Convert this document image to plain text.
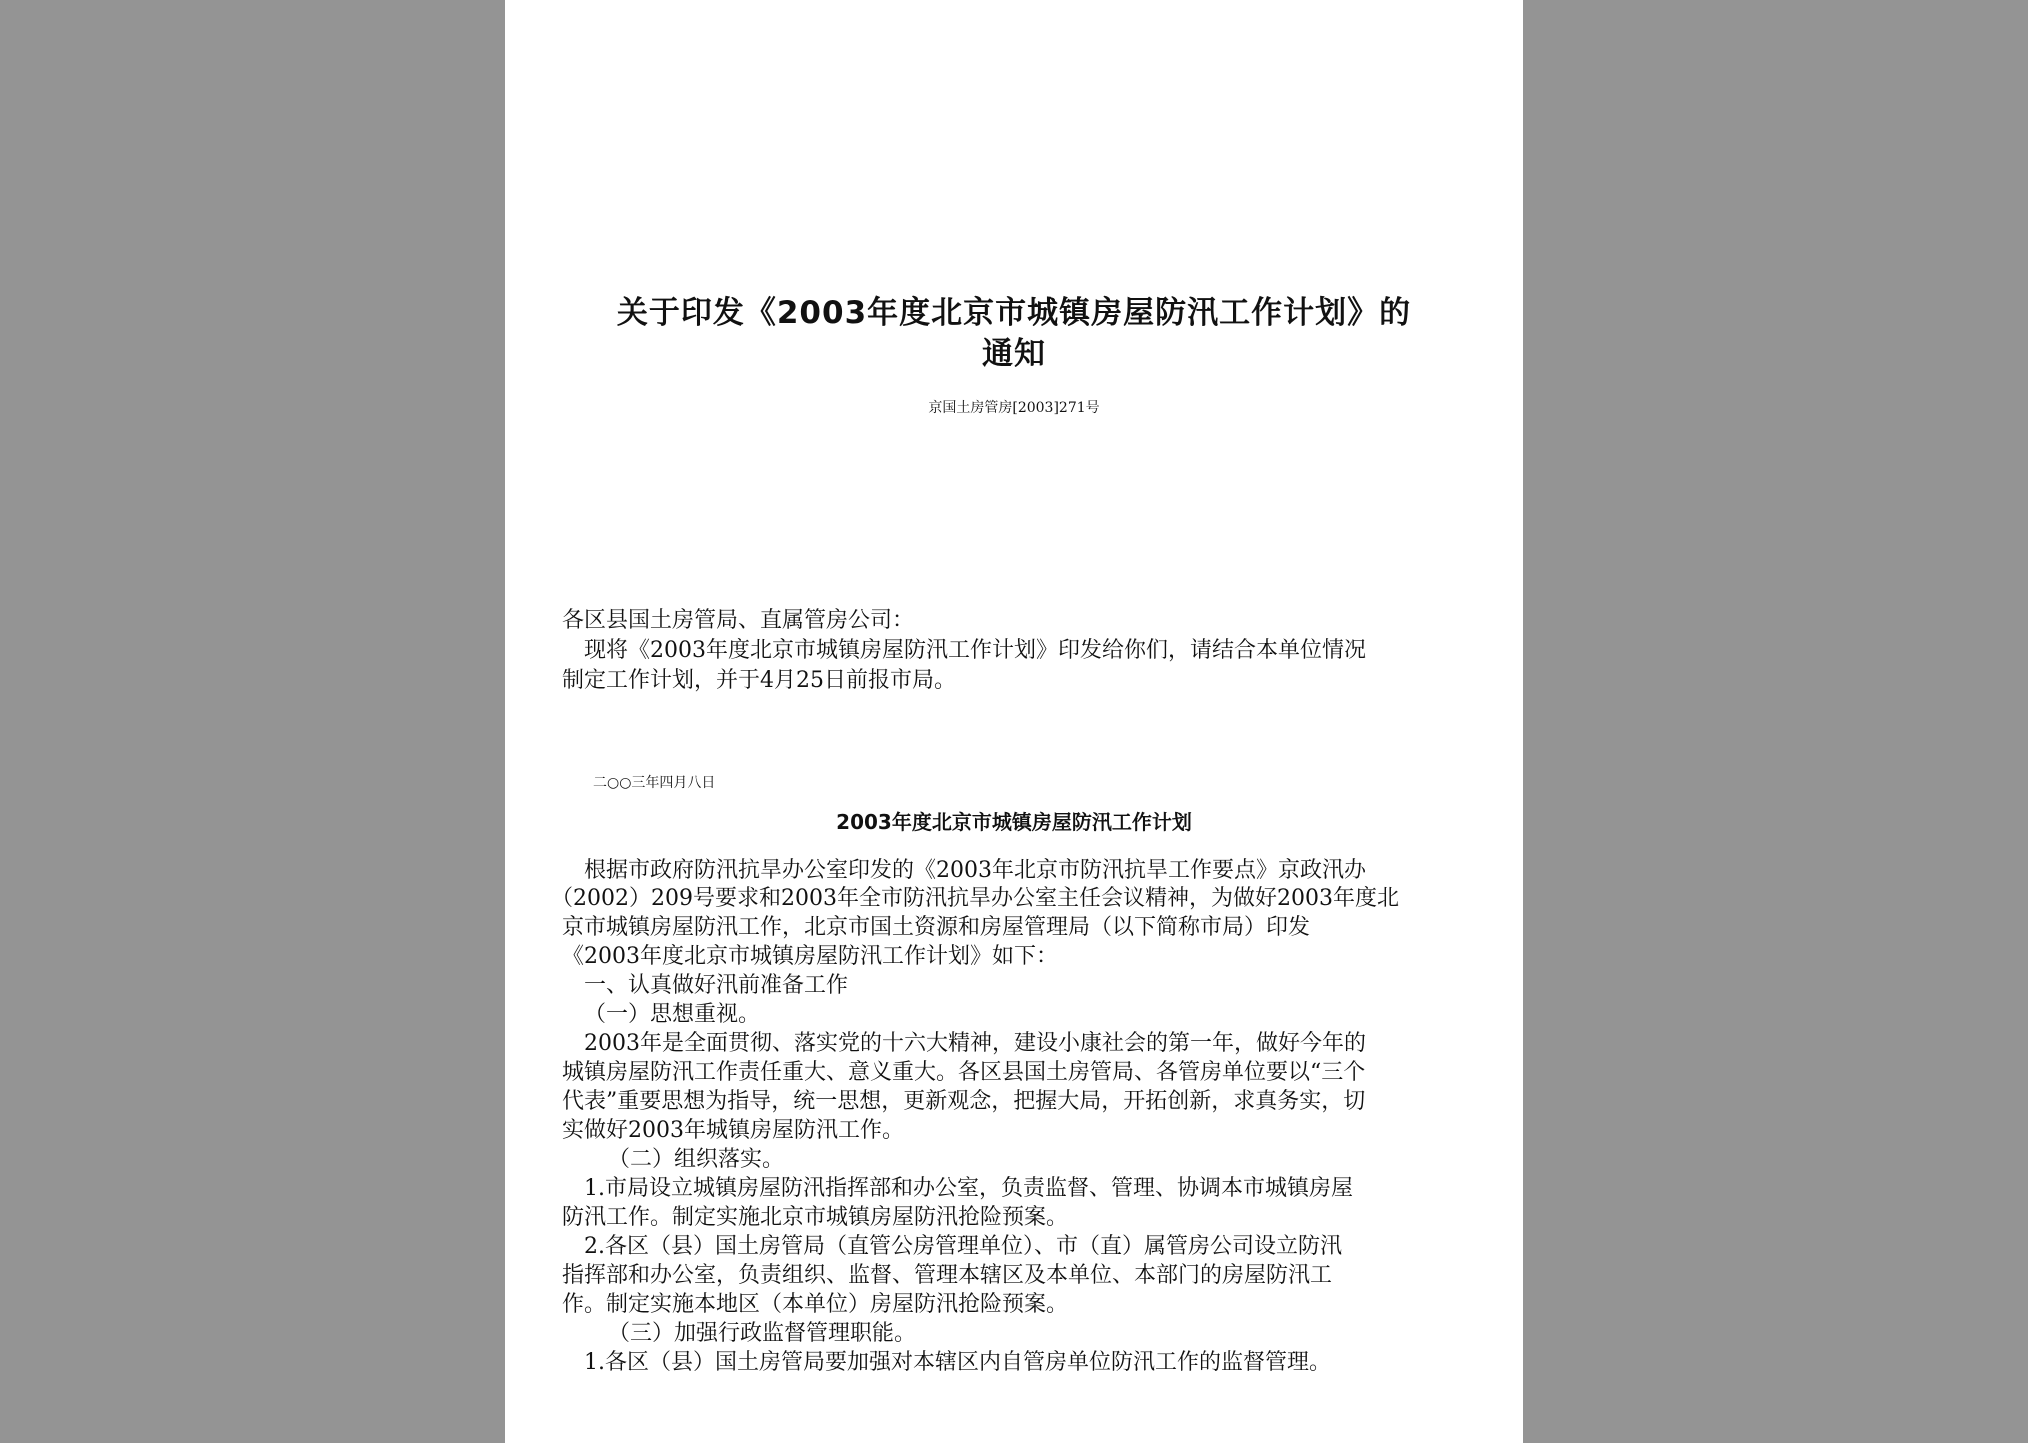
关于印发《2003年度北京市城镇房屋防汛工作计划》的
通知
京国土房管房[2003]271号

各区县国土房管局、直属管房公司：

现将《2003年度北京市城镇房屋防汛工作计划》印发给你们，请结合本单位情况

制定工作计划，并于4月25日前报市局。

二○○三年四月八日
2003年度北京市城镇房屋防汛工作计划

根据市政府防汛抗旱办公室印发的《2003年北京市防汛抗旱工作要点》京政汛办

（2002）209号要求和2003年全市防汛抗旱办公室主任会议精神，为做好2003年度北

京市城镇房屋防汛工作，北京市国土资源和房屋管理局（以下简称市局）印发

《2003年度北京市城镇房屋防汛工作计划》如下：

一、认真做好汛前准备工作

（一）思想重视。

2003年是全面贯彻、落实党的十六大精神，建设小康社会的第一年，做好今年的

城镇房屋防汛工作责任重大、意义重大。各区县国土房管局、各管房单位要以“三个

代表”重要思想为指导，统一思想，更新观念，把握大局，开拓创新，求真务实，切

实做好2003年城镇房屋防汛工作。

（二）组织落实。

1.市局设立城镇房屋防汛指挥部和办公室，负责监督、管理、协调本市城镇房屋

防汛工作。制定实施北京市城镇房屋防汛抢险预案。

2.各区（县）国土房管局（直管公房管理单位）、市（直）属管房公司设立防汛

指挥部和办公室，负责组织、监督、管理本辖区及本单位、本部门的房屋防汛工

作。制定实施本地区（本单位）房屋防汛抢险预案。

（三）加强行政监督管理职能。

1.各区（县）国土房管局要加强对本辖区内自管房单位防汛工作的监督管理。
